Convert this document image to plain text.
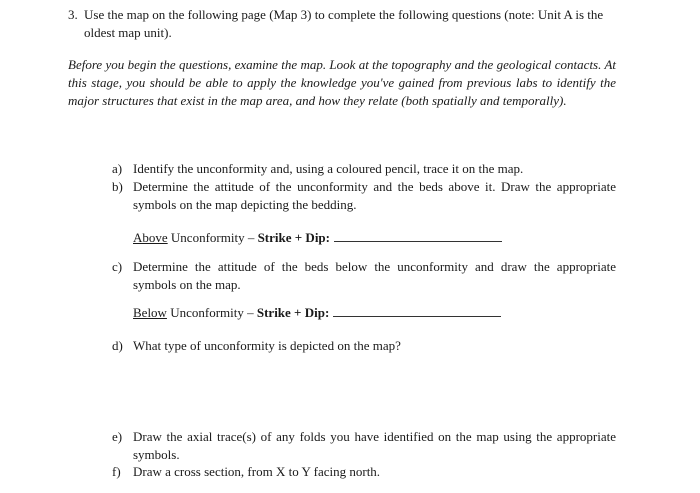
3. Use the map on the following page (Map 3) to complete the following questions (note: Unit A is the oldest map unit).
Before you begin the questions, examine the map. Look at the topography and the geological contacts. At this stage, you should be able to apply the knowledge you've gained from previous labs to identify the major structures that exist in the map area, and how they relate (both spatially and temporally).
a) Identify the unconformity and, using a coloured pencil, trace it on the map.
b) Determine the attitude of the unconformity and the beds above it. Draw the appropriate symbols on the map depicting the bedding.
Above Unconformity – Strike + Dip:
c) Determine the attitude of the beds below the unconformity and draw the appropriate symbols on the map.
Below Unconformity – Strike + Dip:
d) What type of unconformity is depicted on the map?
e) Draw the axial trace(s) of any folds you have identified on the map using the appropriate symbols.
f) Draw a cross section, from X to Y facing north.
